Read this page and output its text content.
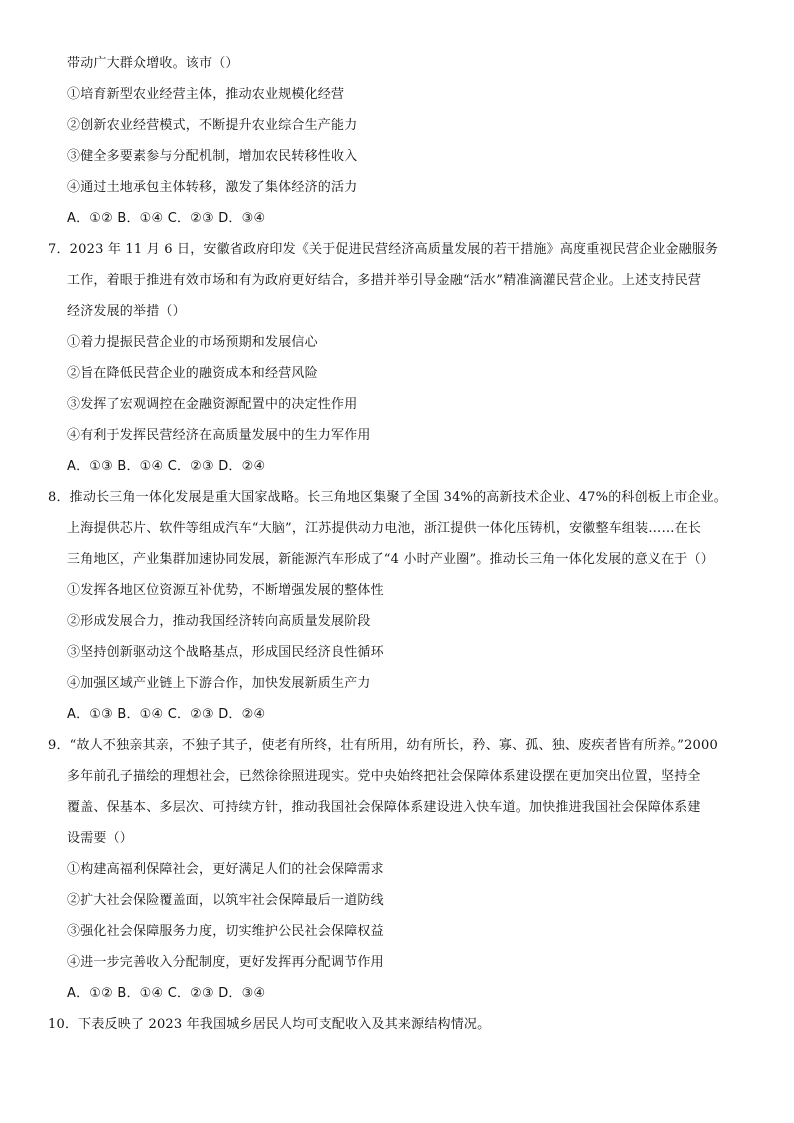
带动广大群众增收。该市（）
①培育新型农业经营主体，推动农业规模化经营
②创新农业经营模式，不断提升农业综合生产能力
③健全多要素参与分配机制，增加农民转移性收入
④通过土地承包主体转移，激发了集体经济的活力
A．①② B．①④ C．②③ D．③④
7．2023 年 11 月 6 日，安徽省政府印发《关于促进民营经济高质量发展的若干措施》高度重视民营企业金融服务
工作，着眼于推进有效市场和有为政府更好结合，多措并举引导金融“活水”精准滴灌民营企业。上述支持民营
经济发展的举措（）
①着力提振民营企业的市场预期和发展信心
②旨在降低民营企业的融资成本和经营风险
③发挥了宏观调控在金融资源配置中的决定性作用
④有利于发挥民营经济在高质量发展中的生力军作用
A．①③ B．①④ C．②③ D．②④
8．推动长三角一体化发展是重大国家战略。长三角地区集聚了全国 34%的高新技术企业、47%的科创板上市企业。
上海提供芯片、软件等组成汽车“大脑”，江苏提供动力电池，浙江提供一体化压铸机，安徽整车组装……在长
三角地区，产业集群加速协同发展，新能源汽车形成了“4 小时产业圈”。推动长三角一体化发展的意义在于（）
①发挥各地区位资源互补优势，不断增强发展的整体性
②形成发展合力，推动我国经济转向高质量发展阶段
③坚持创新驱动这个战略基点，形成国民经济良性循环
④加强区域产业链上下游合作，加快发展新质生产力
A．①③ B．①④ C．②③ D．②④
9．“故人不独亲其亲，不独子其子，使老有所终，壮有所用，幼有所长，矜、寡、孤、独、废疾者皆有所养。”2000
多年前孔子描绘的理想社会，已然徐徐照进现实。党中央始终把社会保障体系建设摆在更加突出位置，坚持全
覆盖、保基本、多层次、可持续方针，推动我国社会保障体系建设进入快车道。加快推进我国社会保障体系建
设需要（）
①构建高福利保障社会，更好满足人们的社会保障需求
②扩大社会保险覆盖面，以筑牢社会保障最后一道防线
③强化社会保障服务力度，切实维护公民社会保障权益
④进一步完善收入分配制度，更好发挥再分配调节作用
A．①② B．①④ C．②③ D．③④
10．下表反映了 2023 年我国城乡居民人均可支配收入及其来源结构情况。
